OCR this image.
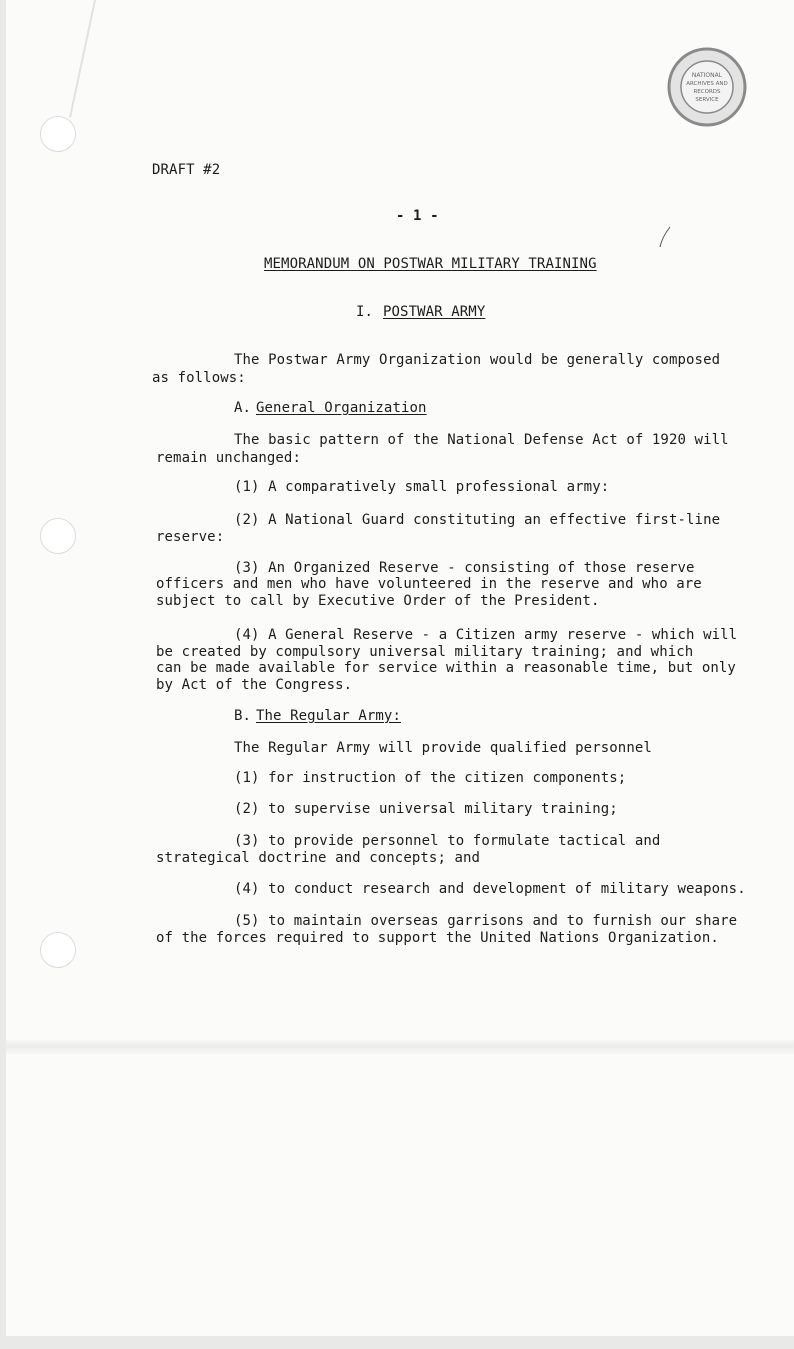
NATIONAL
ARCHIVES AND
RECORDS
SERVICE
DRAFT #2
- 1 -
MEMORANDUM ON POSTWAR MILITARY TRAINING
I. POSTWAR ARMY
The Postwar Army Organization would be generally composed
as follows:
A. General Organization
The basic pattern of the National Defense Act of 1920 will
remain unchanged:
(1) A comparatively small professional army:
(2) A National Guard constituting an effective first-line
reserve:
(3) An Organized Reserve - consisting of those reserve
officers and men who have volunteered in the reserve and who are
subject to call by Executive Order of the President.
(4) A General Reserve - a Citizen army reserve - which will
be created by compulsory universal military training; and which
can be made available for service within a reasonable time, but only
by Act of the Congress.
B. The Regular Army:
The Regular Army will provide qualified personnel
(1) for instruction of the citizen components;
(2) to supervise universal military training;
(3) to provide personnel to formulate tactical and
strategical doctrine and concepts; and
(4) to conduct research and development of military weapons.
(5) to maintain overseas garrisons and to furnish our share
of the forces required to support the United Nations Organization.
